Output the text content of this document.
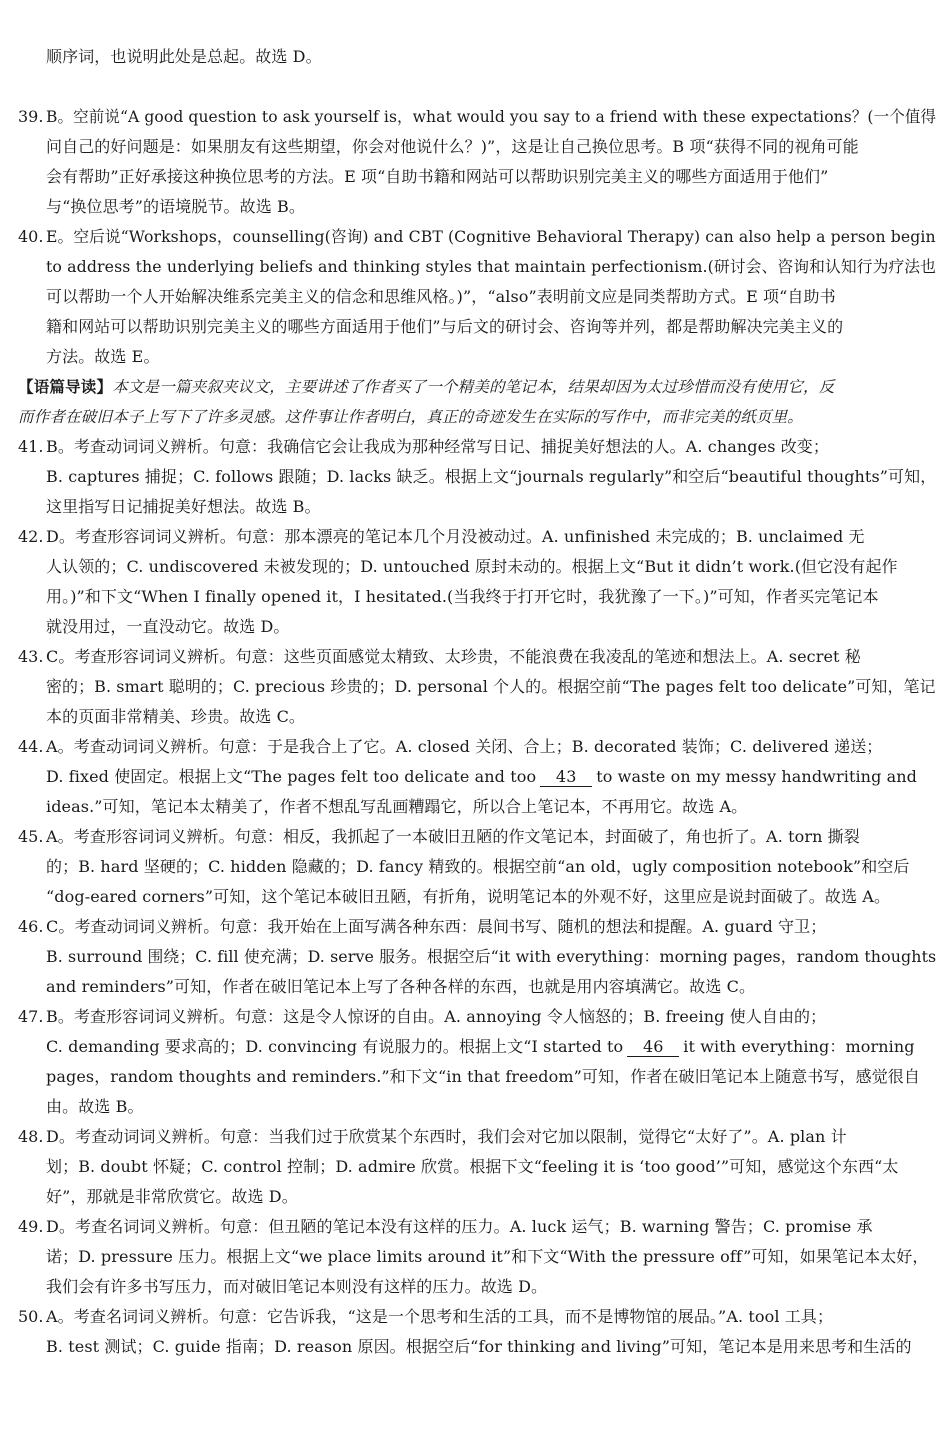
顺序词，也说明此处是总起。故选 D。
39. B。空前说“A good question to ask yourself is，what would you say to a friend with these expectations？(一个值得
问自己的好问题是：如果朋友有这些期望，你会对他说什么？)”，这是让自己换位思考。B 项“获得不同的视角可能
会有帮助”正好承接这种换位思考的方法。E 项“自助书籍和网站可以帮助识别完美主义的哪些方面适用于他们”
与“换位思考”的语境脱节。故选 B。
40. E。空后说“Workshops，counselling(咨询) and CBT (Cognitive Behavioral Therapy) can also help a person begin
to address the underlying beliefs and thinking styles that maintain perfectionism.(研讨会、咨询和认知行为疗法也
可以帮助一个人开始解决维系完美主义的信念和思维风格。)”，“also”表明前文应是同类帮助方式。E 项“自助书
籍和网站可以帮助识别完美主义的哪些方面适用于他们”与后文的研讨会、咨询等并列，都是帮助解决完美主义的
方法。故选 E。
【语篇导读】本文是一篇夹叙夹议文，主要讲述了作者买了一个精美的笔记本，结果却因为太过珍惜而没有使用它，反
而作者在破旧本子上写下了许多灵感。这件事让作者明白，真正的奇迹发生在实际的写作中，而非完美的纸页里。
41. B。考查动词词义辨析。句意：我确信它会让我成为那种经常写日记、捕捉美好想法的人。A. changes 改变；
B. captures 捕捉；C. follows 跟随；D. lacks 缺乏。根据上文“journals regularly”和空后“beautiful thoughts”可知，
这里指写日记捕捉美好想法。故选 B。
42. D。考查形容词词义辨析。句意：那本漂亮的笔记本几个月没被动过。A. unfinished 未完成的；B. unclaimed 无
人认领的；C. undiscovered 未被发现的；D. untouched 原封未动的。根据上文“But it didn’t work.(但它没有起作
用。)”和下文“When I finally opened it，I hesitated.(当我终于打开它时，我犹豫了一下。)”可知，作者买完笔记本
就没用过，一直没动它。故选 D。
43. C。考查形容词词义辨析。句意：这些页面感觉太精致、太珍贵，不能浪费在我凌乱的笔迹和想法上。A. secret 秘
密的；B. smart 聪明的；C. precious 珍贵的；D. personal 个人的。根据空前“The pages felt too delicate”可知，笔记
本的页面非常精美、珍贵。故选 C。
44. A。考查动词词义辨析。句意：于是我合上了它。A. closed 关闭、合上；B. decorated 装饰；C. delivered 递送；
D. fixed 使固定。根据上文“The pages felt too delicate and too 43 to waste on my messy handwriting and
ideas.”可知，笔记本太精美了，作者不想乱写乱画糟蹋它，所以合上笔记本，不再用它。故选 A。
45. A。考查形容词词义辨析。句意：相反，我抓起了一本破旧丑陋的作文笔记本，封面破了，角也折了。A. torn 撕裂
的；B. hard 坚硬的；C. hidden 隐藏的；D. fancy 精致的。根据空前“an old，ugly composition notebook”和空后
“dog-eared corners”可知，这个笔记本破旧丑陋，有折角，说明笔记本的外观不好，这里应是说封面破了。故选 A。
46. C。考查动词词义辨析。句意：我开始在上面写满各种东西：晨间书写、随机的想法和提醒。A. guard 守卫；
B. surround 围绕；C. fill 使充满；D. serve 服务。根据空后“it with everything：morning pages，random thoughts
and reminders”可知，作者在破旧笔记本上写了各种各样的东西，也就是用内容填满它。故选 C。
47. B。考查形容词词义辨析。句意：这是令人惊讶的自由。A. annoying 令人恼怒的；B. freeing 使人自由的；
C. demanding 要求高的；D. convincing 有说服力的。根据上文“I started to 46 it with everything：morning
pages，random thoughts and reminders.”和下文“in that freedom”可知，作者在破旧笔记本上随意书写，感觉很自
由。故选 B。
48. D。考查动词词义辨析。句意：当我们过于欣赏某个东西时，我们会对它加以限制，觉得它“太好了”。A. plan 计
划；B. doubt 怀疑；C. control 控制；D. admire 欣赏。根据下文“feeling it is ‘too good’”可知，感觉这个东西“太
好”，那就是非常欣赏它。故选 D。
49. D。考查名词词义辨析。句意：但丑陋的笔记本没有这样的压力。A. luck 运气；B. warning 警告；C. promise 承
诺；D. pressure 压力。根据上文“we place limits around it”和下文“With the pressure off”可知，如果笔记本太好，
我们会有许多书写压力，而对破旧笔记本则没有这样的压力。故选 D。
50. A。考查名词词义辨析。句意：它告诉我，“这是一个思考和生活的工具，而不是博物馆的展品。”A. tool 工具；
B. test 测试；C. guide 指南；D. reason 原因。根据空后“for thinking and living”可知，笔记本是用来思考和生活的
